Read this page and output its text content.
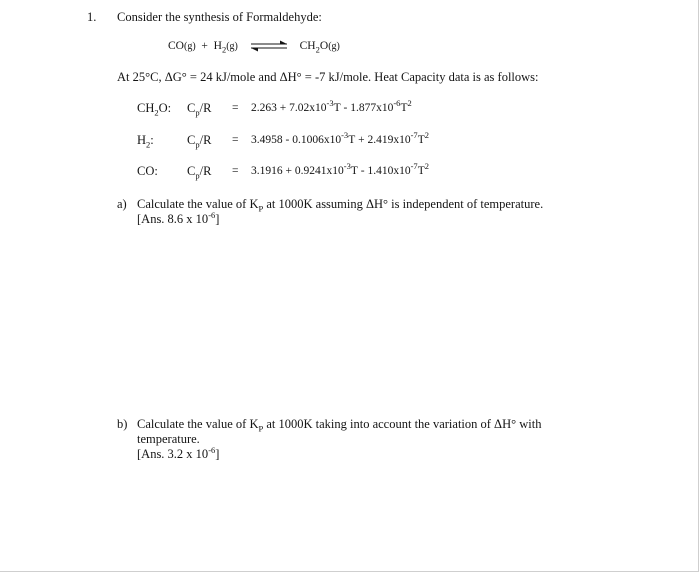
1. Consider the synthesis of Formaldehyde:
$CO(g) + H_2(g)$ ⇌ $CH_2O(g)$
At 25°C, ΔG° = 24 kJ/mole and ΔH° = -7 kJ/mole. Heat Capacity data is as follows:
$CH_2O$: $C_p/R = 2.263 + 7.02x10^{-3}T - 1.877x10^{-6}T^2$
$H_2$:	$C_p/R = 3.4958 - 0.1006x10^{-3}T + 2.419x10^{-7}T^2$
CO: $C_p/R = 3.1916 + 0.9241x10^{-3}T - 1.410x10^{-7}T^2$
a) Calculate the value of $K_P$ at 1000K assuming ΔH° is independent of temperature.
[Ans. 8.6 x $10^{-6}$]
b) Calculate the value of $K_P$ at 1000K taking into account the variation of ΔH° with
temperature.
[Ans. 3.2 x $10^{-6}$]
